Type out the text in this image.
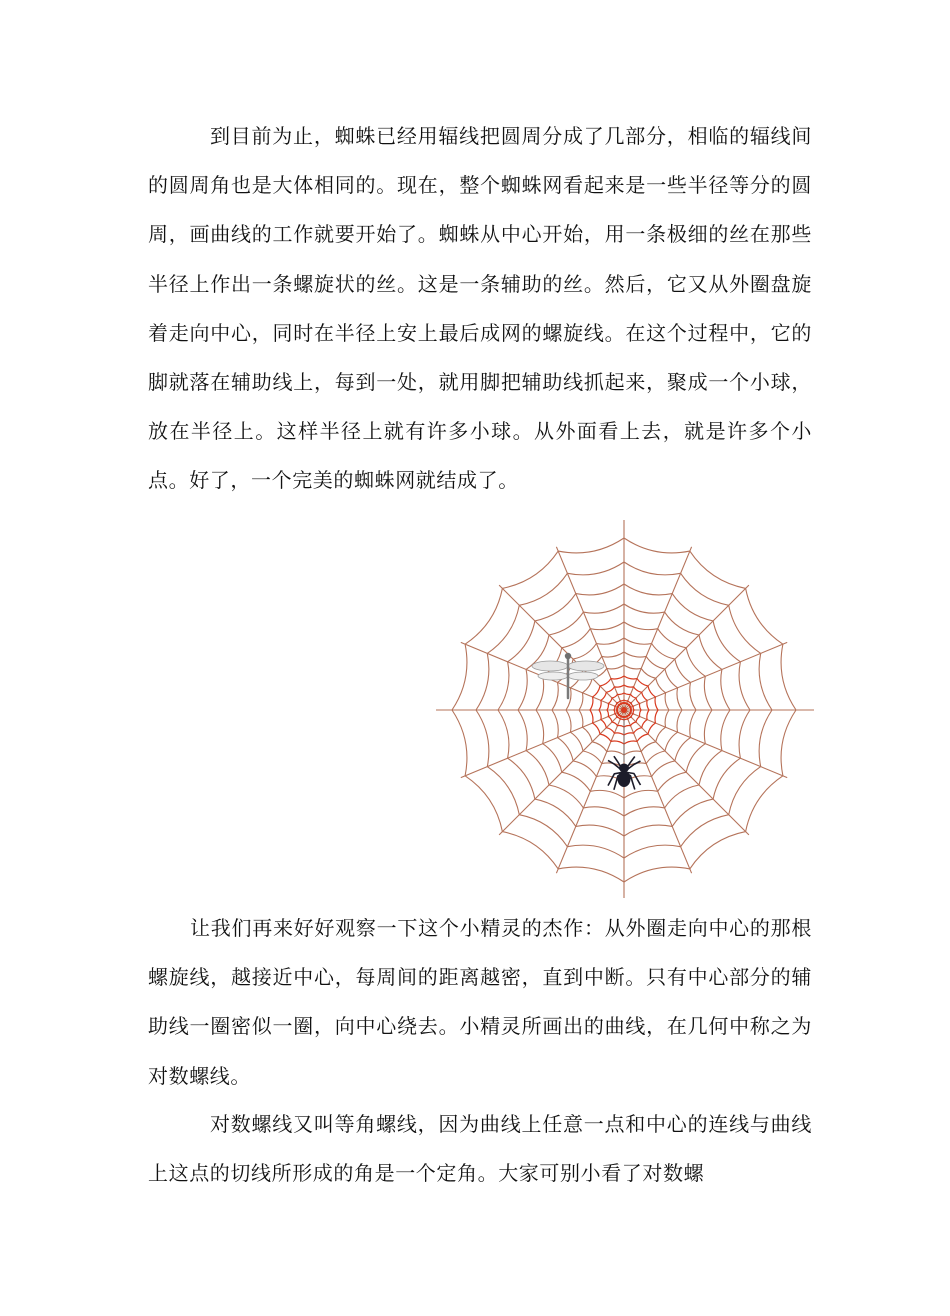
到目前为止，蜘蛛已经用辐线把圆周分成了几部分，相临的辐线间的圆周角也是大体相同的。现在，整个蜘蛛网看起来是一些半径等分的圆周，画曲线的工作就要开始了。蜘蛛从中心开始，用一条极细的丝在那些半径上作出一条螺旋状的丝。这是一条辅助的丝。然后，它又从外圈盘旋着走向中心，同时在半径上安上最后成网的螺旋线。在这个过程中，它的脚就落在辅助线上，每到一处，就用脚把辅助线抓起来，聚成一个小球，放在半径上。这样半径上就有许多小球。从外面看上去，就是许多个小点。好了，一个完美的蜘蛛网就结成了。

让我们再来好好观察一下这个小精灵的杰作：从外圈走向中心的那根螺旋线，越接近中心，每周间的距离越密，直到中断。只有中心部分的辅助线一圈密似一圈，向中心绕去。小精灵所画出的曲线，在几何中称之为对数螺线。

对数螺线又叫等角螺线，因为曲线上任意一点和中心的连线与曲线上这点的切线所形成的角是一个定角。大家可别小看了对数螺
